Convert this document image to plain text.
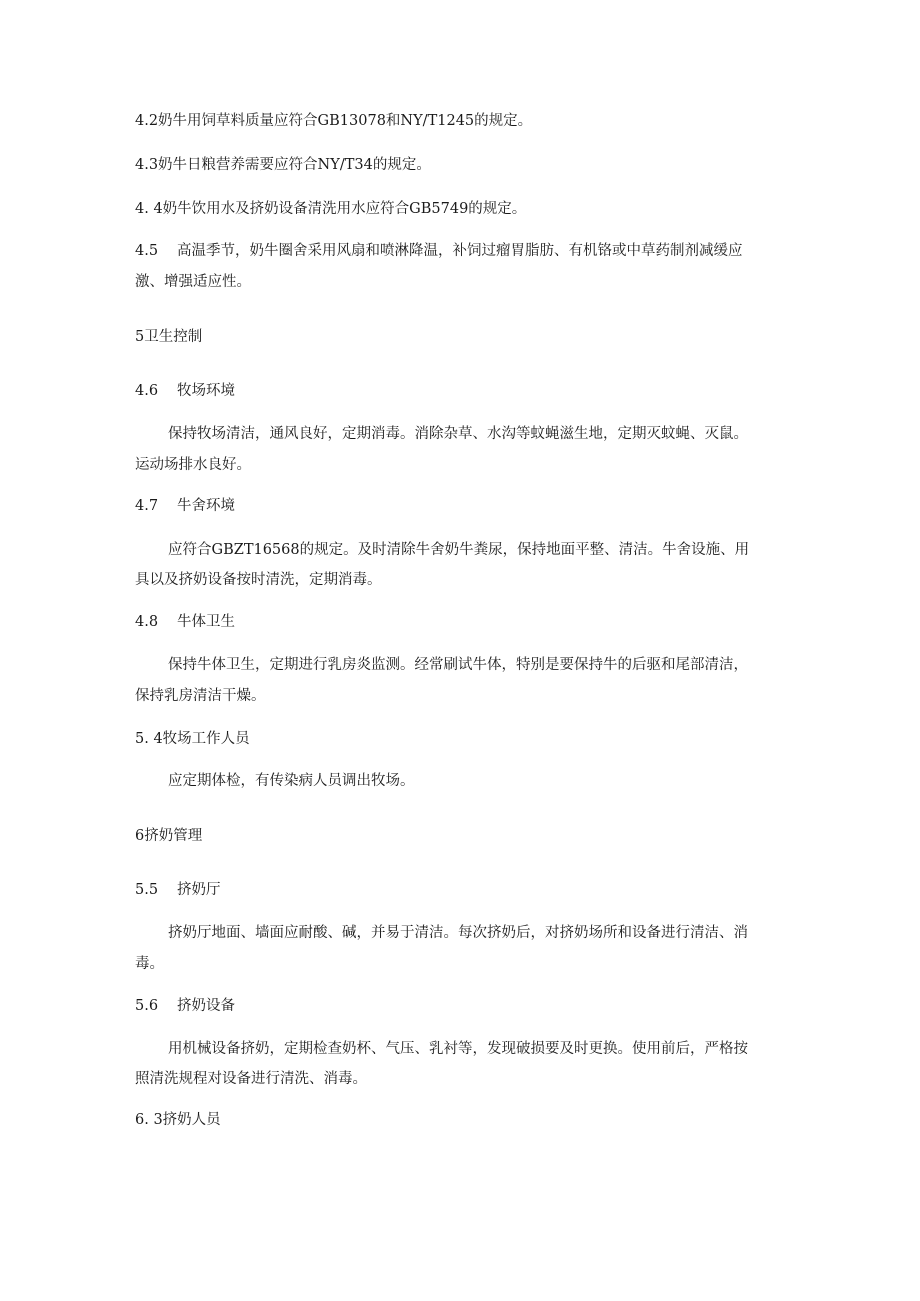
4.2奶牛用饲草料质量应符合GB13078和NY/T1245的规定。
4.3奶牛日粮营养需要应符合NY/T34的规定。
4. 4奶牛饮用水及挤奶设备清洗用水应符合GB5749的规定。
4.5 高温季节，奶牛圈舍采用风扇和喷淋降温，补饲过瘤胃脂肪、有机铬或中草药制剂减缓应
激、增强适应性。
5卫生控制
4.6 牧场环境
保持牧场清洁，通风良好，定期消毒。消除杂草、水沟等蚊蝇滋生地，定期灭蚊蝇、灭鼠。
运动场排水良好。
4.7 牛舍环境
应符合GBZT16568的规定。及时清除牛舍奶牛粪尿，保持地面平整、清洁。牛舍设施、用
具以及挤奶设备按时清洗，定期消毒。
4.8 牛体卫生
保持牛体卫生，定期进行乳房炎监测。经常刷试牛体，特别是要保持牛的后驱和尾部清洁，
保持乳房清洁干燥。
5. 4牧场工作人员
应定期体检，有传染病人员调出牧场。
6挤奶管理
5.5 挤奶厅
挤奶厅地面、墙面应耐酸、碱，并易于清洁。每次挤奶后，对挤奶场所和设备进行清洁、消
毒。
5.6 挤奶设备
用机械设备挤奶，定期检查奶杯、气压、乳衬等，发现破损要及时更换。使用前后，严格按
照清洗规程对设备进行清洗、消毒。
6. 3挤奶人员
